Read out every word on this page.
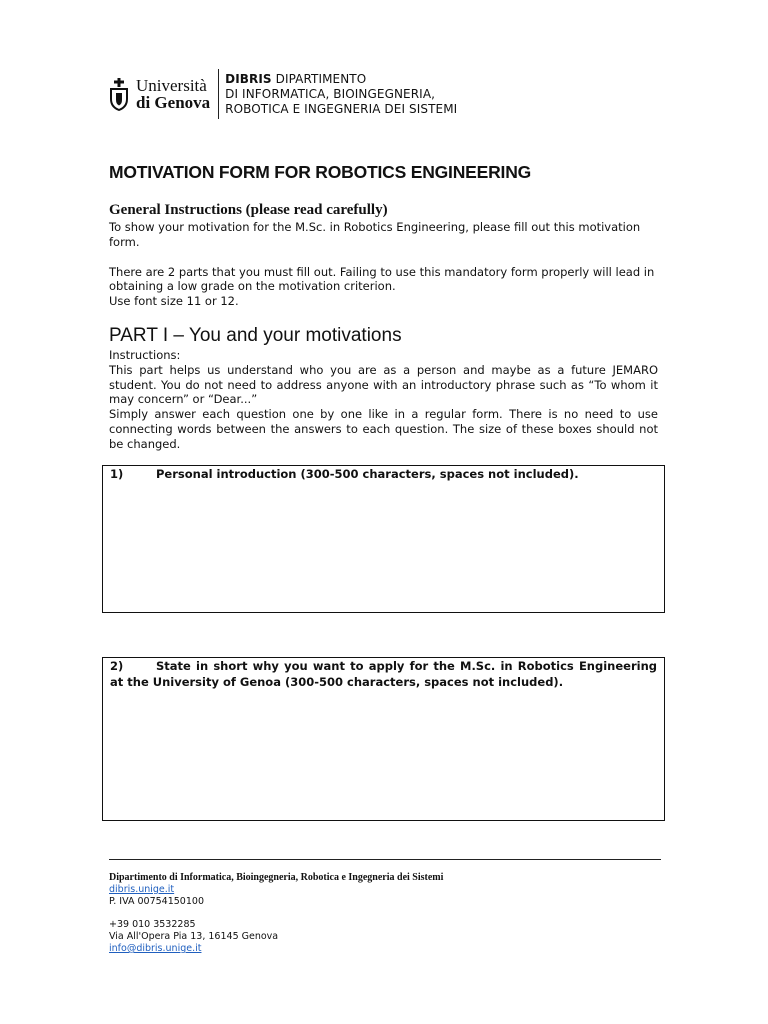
Università
di Genova
DIBRIS DIPARTIMENTO
DI INFORMATICA, BIOINGEGNERIA,
ROBOTICA E INGEGNERIA DEI SISTEMI
MOTIVATION FORM FOR ROBOTICS ENGINEERING
General Instructions (please read carefully)

To show your motivation for the M.Sc. in Robotics Engineering, please fill out this motivation form.

There are 2 parts that you must fill out. Failing to use this mandatory form properly will lead in obtaining a low grade on the motivation criterion.

Use font size 11 or 12.

PART I – You and your motivations

Instructions:

This part helps us understand who you are as a person and maybe as a future JEMARO student. You do not need to address anyone with an introductory phrase such as “To whom it may concern” or “Dear...”

Simply answer each question one by one like in a regular form. There is no need to use connecting words between the answers to each question. The size of these boxes should not be changed.

1)	Personal introduction (300-500 characters, spaces not included).
2)	State in short why you want to apply for the M.Sc. in Robotics Engineering at the University of Genoa (300-500 characters, spaces not included).
Dipartimento di Informatica, Bioingegneria, Robotica e Ingegneria dei Sistemi
dibris.unige.it
P. IVA 00754150100
+39 010 3532285
Via All'Opera Pia 13, 16145 Genova
info@dibris.unige.it
